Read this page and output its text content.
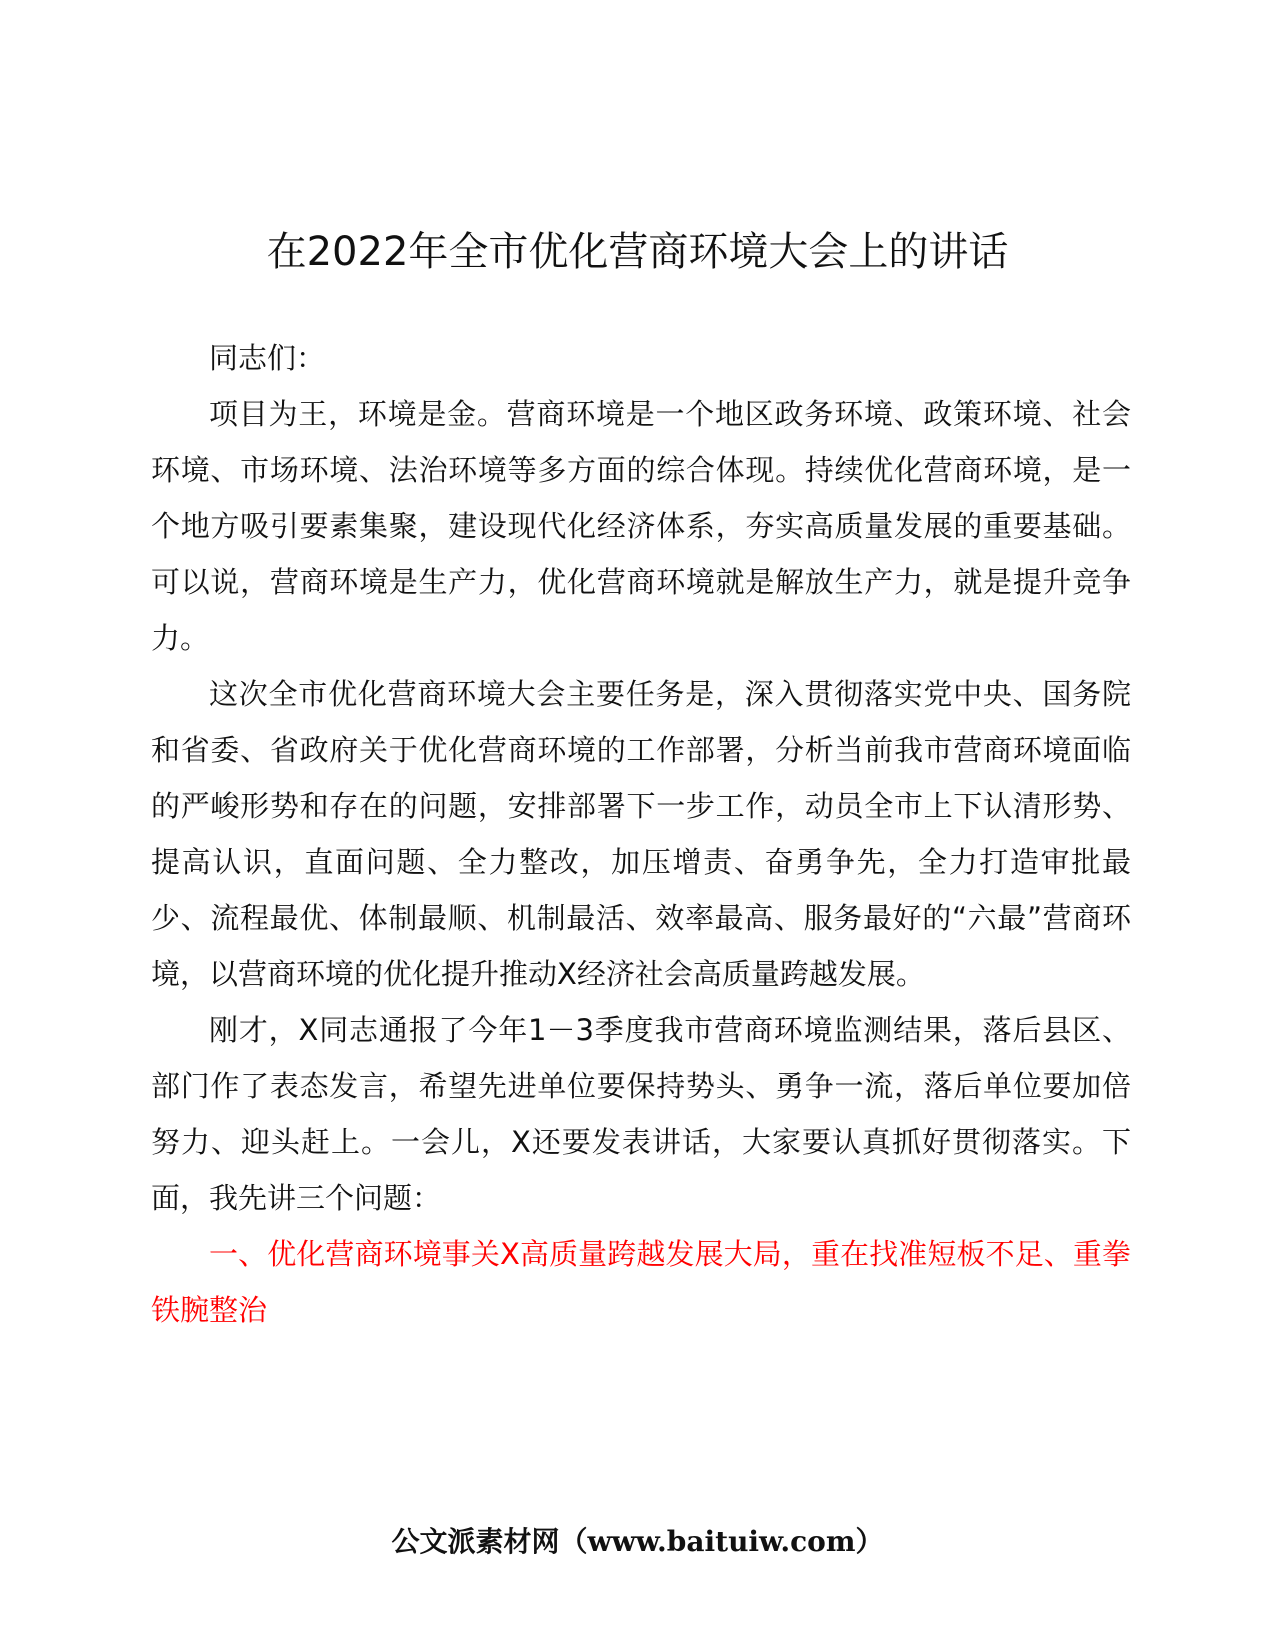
在2022年全市优化营商环境大会上的讲话

同志们：

项目为王，环境是金。营商环境是一个地区政务环境、政策环境、社会环境、市场环境、法治环境等多方面的综合体现。持续优化营商环境，是一个地方吸引要素集聚，建设现代化经济体系，夯实高质量发展的重要基础。可以说，营商环境是生产力，优化营商环境就是解放生产力，就是提升竞争力。

这次全市优化营商环境大会主要任务是，深入贯彻落实党中央、国务院和省委、省政府关于优化营商环境的工作部署，分析当前我市营商环境面临的严峻形势和存在的问题，安排部署下一步工作，动员全市上下认清形势、提高认识，直面问题、全力整改，加压增责、奋勇争先，全力打造审批最少、流程最优、体制最顺、机制最活、效率最高、服务最好的“六最”营商环境，以营商环境的优化提升推动X经济社会高质量跨越发展。

刚才，X同志通报了今年1－3季度我市营商环境监测结果，落后县区、部门作了表态发言，希望先进单位要保持势头、勇争一流，落后单位要加倍努力、迎头赶上。一会儿，X还要发表讲话，大家要认真抓好贯彻落实。下面，我先讲三个问题：

一、优化营商环境事关X高质量跨越发展大局，重在找准短板不足、重拳铁腕整治

公文派素材网（www.baituiw.com）
